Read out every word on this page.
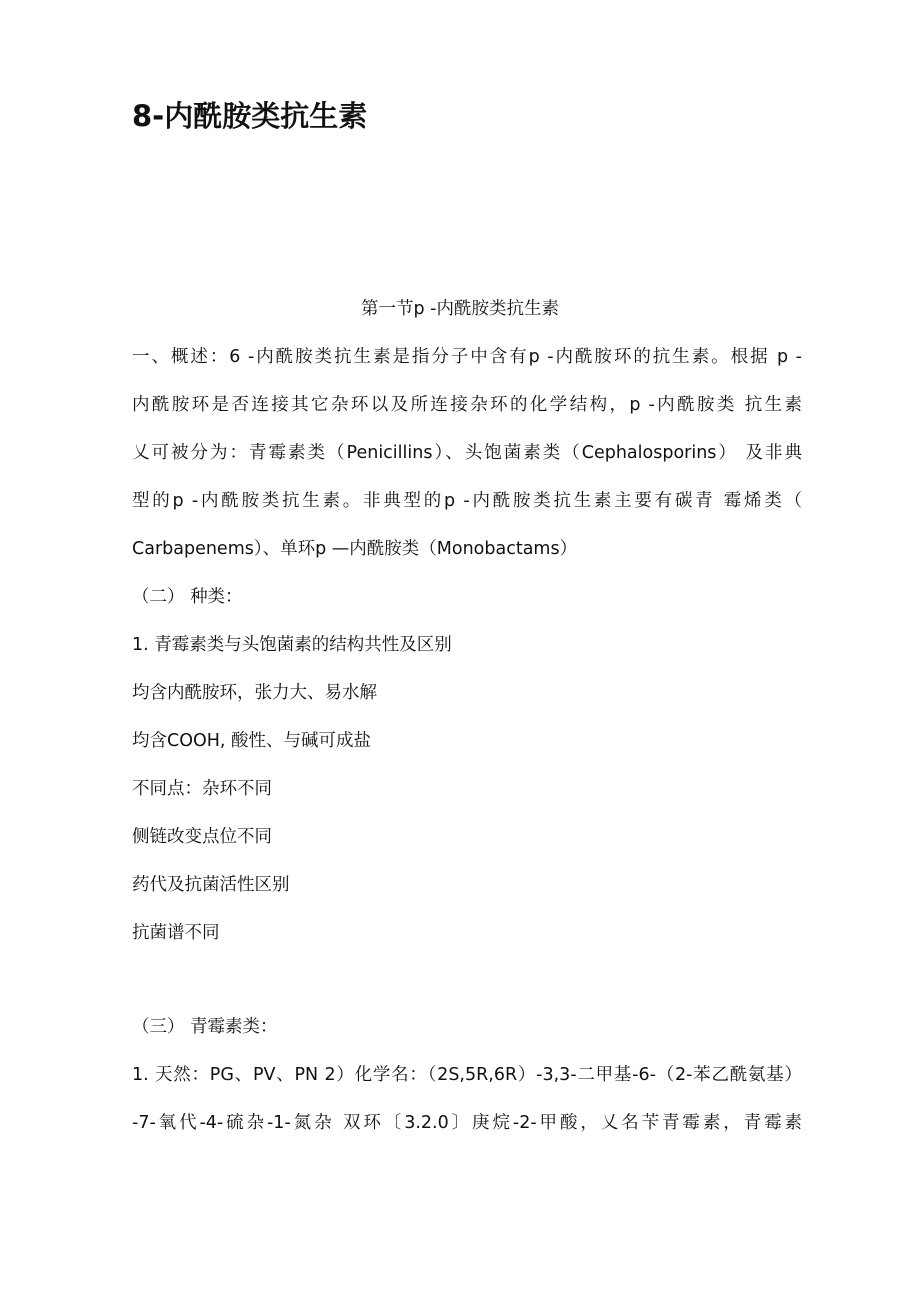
8-内酰胺类抗生素
第一节p -内酰胺类抗生素
一、概述：6 -内酰胺类抗生素是指分子中含有p -内酰胺环的抗生素。根据 p -
内酰胺环是否连接其它杂环以及所连接杂环的化学结构，p -内酰胺类 抗生素
乂可被分为：青霉素类（Penicillins）、头饱菌素类（Cephalosporins） 及非典
型的p -内酰胺类抗生素。非典型的p -内酰胺类抗生素主要有碳青 霉烯类（
Carbapenems）、单环p —内酰胺类（Monobactams）
（二） 种类：
1. 青霉素类与头饱菌素的结构共性及区别
均含内酰胺环，张力大、易水解
均含COOH, 酸性、与碱可成盐
不同点：杂环不同
侧链改变点位不同
药代及抗菌活性区别
抗菌谱不同
（三） 青霉素类：
1. 天然：PG、PV、PN 2）化学名：（2S,5R,6R）-3,3-二甲基-6-（2-苯乙酰氨基）
-7-氧代-4-硫杂-1-氮杂 双环〔3.2.0〕庚烷-2-甲酸，乂名苄青霉素，青霉素
